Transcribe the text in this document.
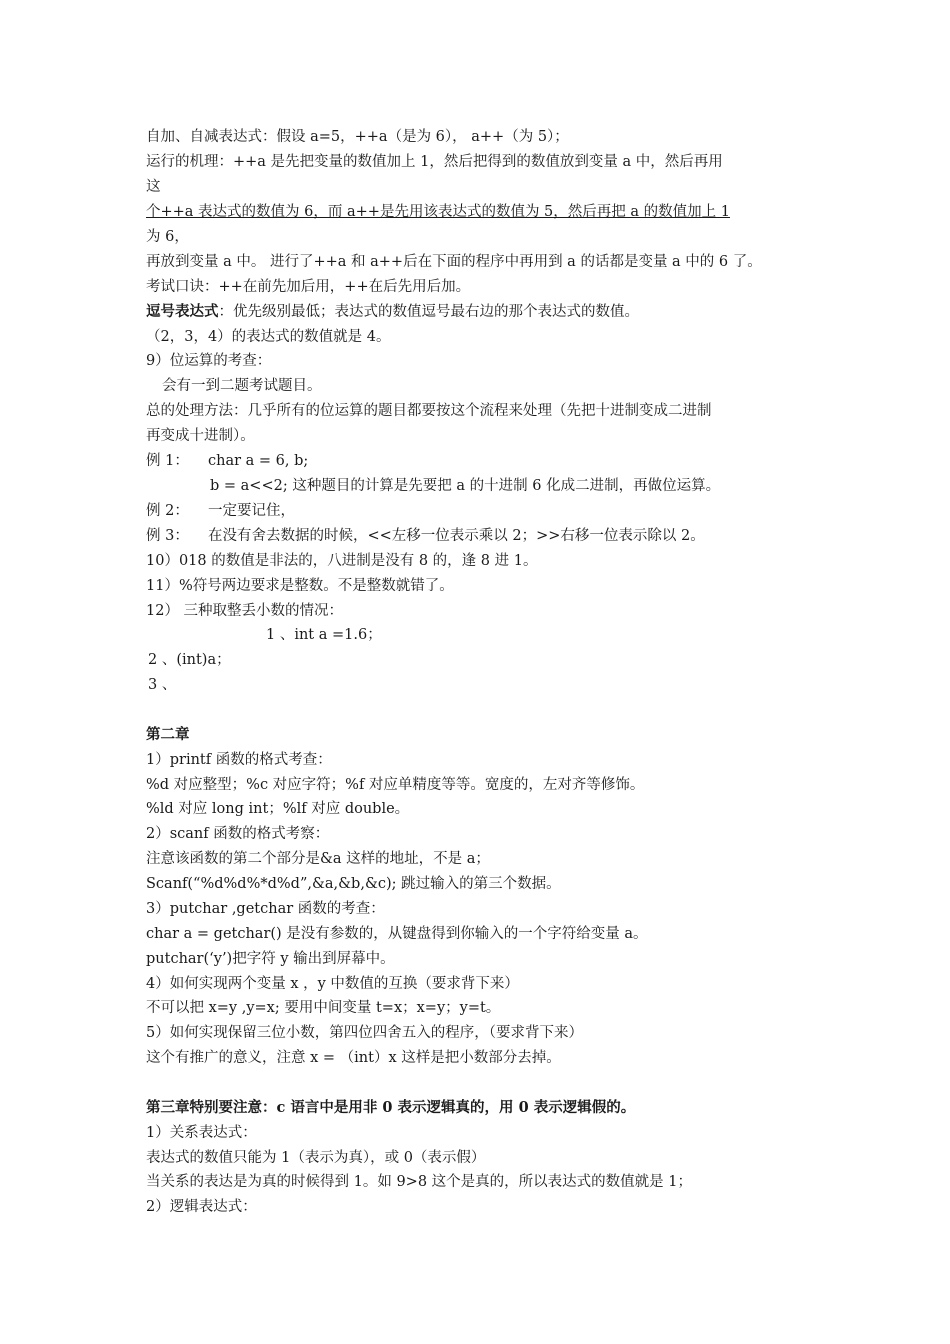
自加、自减表达式：假设 a=5，++a（是为 6）， a++（为 5）；
运行的机理：++a 是先把变量的数值加上 1，然后把得到的数值放到变量 a 中，然后再用
这
个++a 表达式的数值为 6，而 a++是先用该表达式的数值为 5，然后再把 a 的数值加上 1
为 6，
再放到变量 a 中。 进行了++a 和 a++后在下面的程序中再用到 a 的话都是变量 a 中的 6 了。
考试口诀：++在前先加后用，++在后先用后加。
逗号表达式：优先级别最低；表达式的数值逗号最右边的那个表达式的数值。
（2，3，4）的表达式的数值就是 4。
9）位运算的考查：
会有一到二题考试题目。
总的处理方法：几乎所有的位运算的题目都要按这个流程来处理（先把十进制变成二进制
再变成十进制）。
例 1： char a = 6, b;
b = a<<2; 这种题目的计算是先要把 a 的十进制 6 化成二进制，再做位运算。
例 2： 一定要记住，
例 3： 在没有舍去数据的时候，<<左移一位表示乘以 2；>>右移一位表示除以 2。
10）018 的数值是非法的，八进制是没有 8 的，逢 8 进 1。
11）%符号两边要求是整数。不是整数就错了。
12） 三种取整丢小数的情况：
1 、int a =1.6；
2 、(int)a；
3 、
第二章
1）printf 函数的格式考查：
%d 对应整型；%c 对应字符；%f 对应单精度等等。宽度的，左对齐等修饰。
%ld 对应 long int；%lf 对应 double。
2）scanf 函数的格式考察：
注意该函数的第二个部分是&a 这样的地址，不是 a；
Scanf(“%d%d%*d%d”,&a,&b,&c); 跳过输入的第三个数据。
3）putchar ,getchar 函数的考查：
char a = getchar() 是没有参数的，从键盘得到你输入的一个字符给变量 a。
putchar(‘y’)把字符 y 输出到屏幕中。
4）如何实现两个变量 x ，y 中数值的互换（要求背下来）
不可以把 x=y ,y=x; 要用中间变量 t=x；x=y；y=t。
5）如何实现保留三位小数，第四位四舍五入的程序，（要求背下来）
这个有推广的意义，注意 x = （int）x 这样是把小数部分去掉。
第三章特别要注意：c 语言中是用非 0 表示逻辑真的，用 0 表示逻辑假的。
1）关系表达式：
表达式的数值只能为 1（表示为真），或 0（表示假）
当关系的表达是为真的时候得到 1。如 9>8 这个是真的，所以表达式的数值就是 1；
2）逻辑表达式：
